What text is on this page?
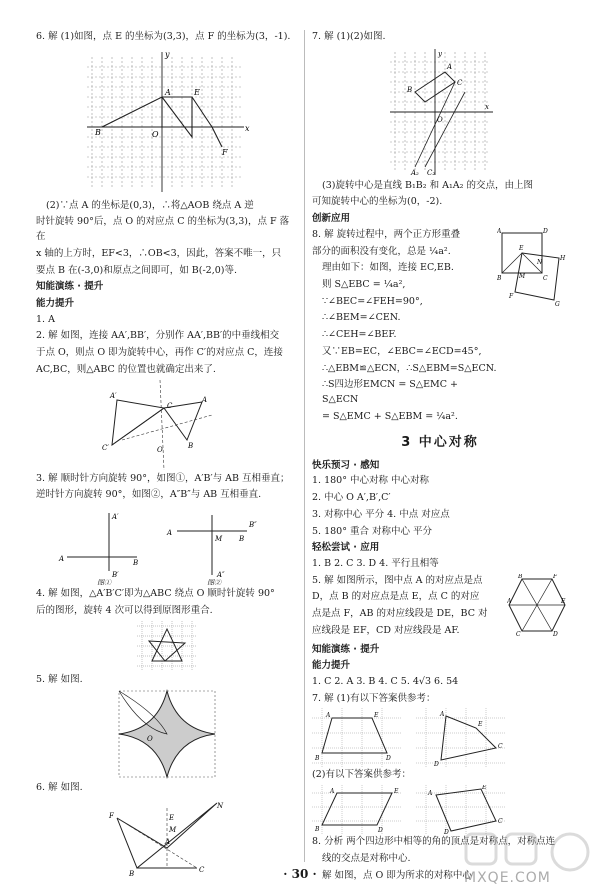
6. 解 (1)如图，点 E 的坐标为(3,3)，点 F 的坐标为(3，-1).

A
B
E
F
O
x
y

(2)∵点 A 的坐标是(0,3)，∴将△AOB 绕点 A 逆

时针旋转 90°后，点 O 的对应点 C 的坐标为(3,3)，点 F 落在

x 轴的上方时，EF<3，∴OB<3，因此，答案不唯一，只

要点 B 在(-3,0)和原点之间即可，如 B(-2,0)等.

知能演练 · 提升

能力提升

1. A

2. 解 如图，连接 AA′,BB′，分别作 AA′,BB′的中垂线相交

于点 O，则点 O 即为旋转中心，再作 C′的对应点 C，连接

AC,BC，则△ABC 的位置也就确定出来了.

A′
C′
C
A
B
O

3. 解 顺时针方向旋转 90°，如图①，A′B′与 AB 互相垂直；

逆时针方向旋转 90°，如图②，A″B″与 AB 互相垂直.

A
A′
B′
B
A
B″
M B
A″
图①	图②

4. 解 如图，△A′B′C′即为△ABC 绕点 O 顺时针旋转 90°

后的图形，旋转 4 次可以得到原图形重合.

5. 解 如图.

O

6. 解 如图.

F
B
E
M
C
A
N

7. 解 (1)(2)如图.

B
A
C
O
x
y
A₂ C₂

(3)旋转中心是直线 B₁B₂ 和 A₁A₂ 的交点，由上图

可知旋转中心的坐标为(0，-2).

创新应用

8. 解 旋转过程中，两个正方形重叠

部分的面积没有变化，总是 ¼a².

理由如下：如图，连接 EC,EB.

则 S△EBC = ¼a²,

∵∠BEC=∠FEH=90°,

∴∠BEM=∠CEN.

∴∠CEH=∠BEF.

又∵EB=EC，∠EBC=∠ECD=45°,

∴△EBM≌△ECN，∴S△EBM=S△ECN.

∴S四边形EMCN = S△EMC + S△ECN

= S△EMC + S△EBM = ¼a².

A	D
E
B	C
H
G
F
M
N

3 中心对称

快乐预习 · 感知

1. 180° 中心对称 中心对称

2. 中心 O A′,B′,C′

3. 对称中心 平分 4. 中点 对应点

5. 180° 重合 对称中心 平分

轻松尝试 · 应用

1. B 2. C 3. D 4. 平行且相等

5. 解 如图所示，图中点 A 的对应点是点

D，点 B 的对应点是点 E，点 C 的对应

点是点 F，AB 的对应线段是 DE，BC 对

应线段是 EF，CD 对应线段是 AF.

B	F
A	E
C	D

知能演练 · 提升

能力提升

1. C 2. A 3. B 4. C 5. 4√3 6. 54

7. 解 (1)有以下答案供参考：

A	E
B	D
A
E
C
D

(2)有以下答案供参考：

A	E
B	D
A
E
C
D

8. 分析 两个四边形中相等的角的顶点是对称点，对称点连

线的交点是对称中心.

解 如图，点 O 即为所求的对称中心

· 30 ·	MXQE.COM
